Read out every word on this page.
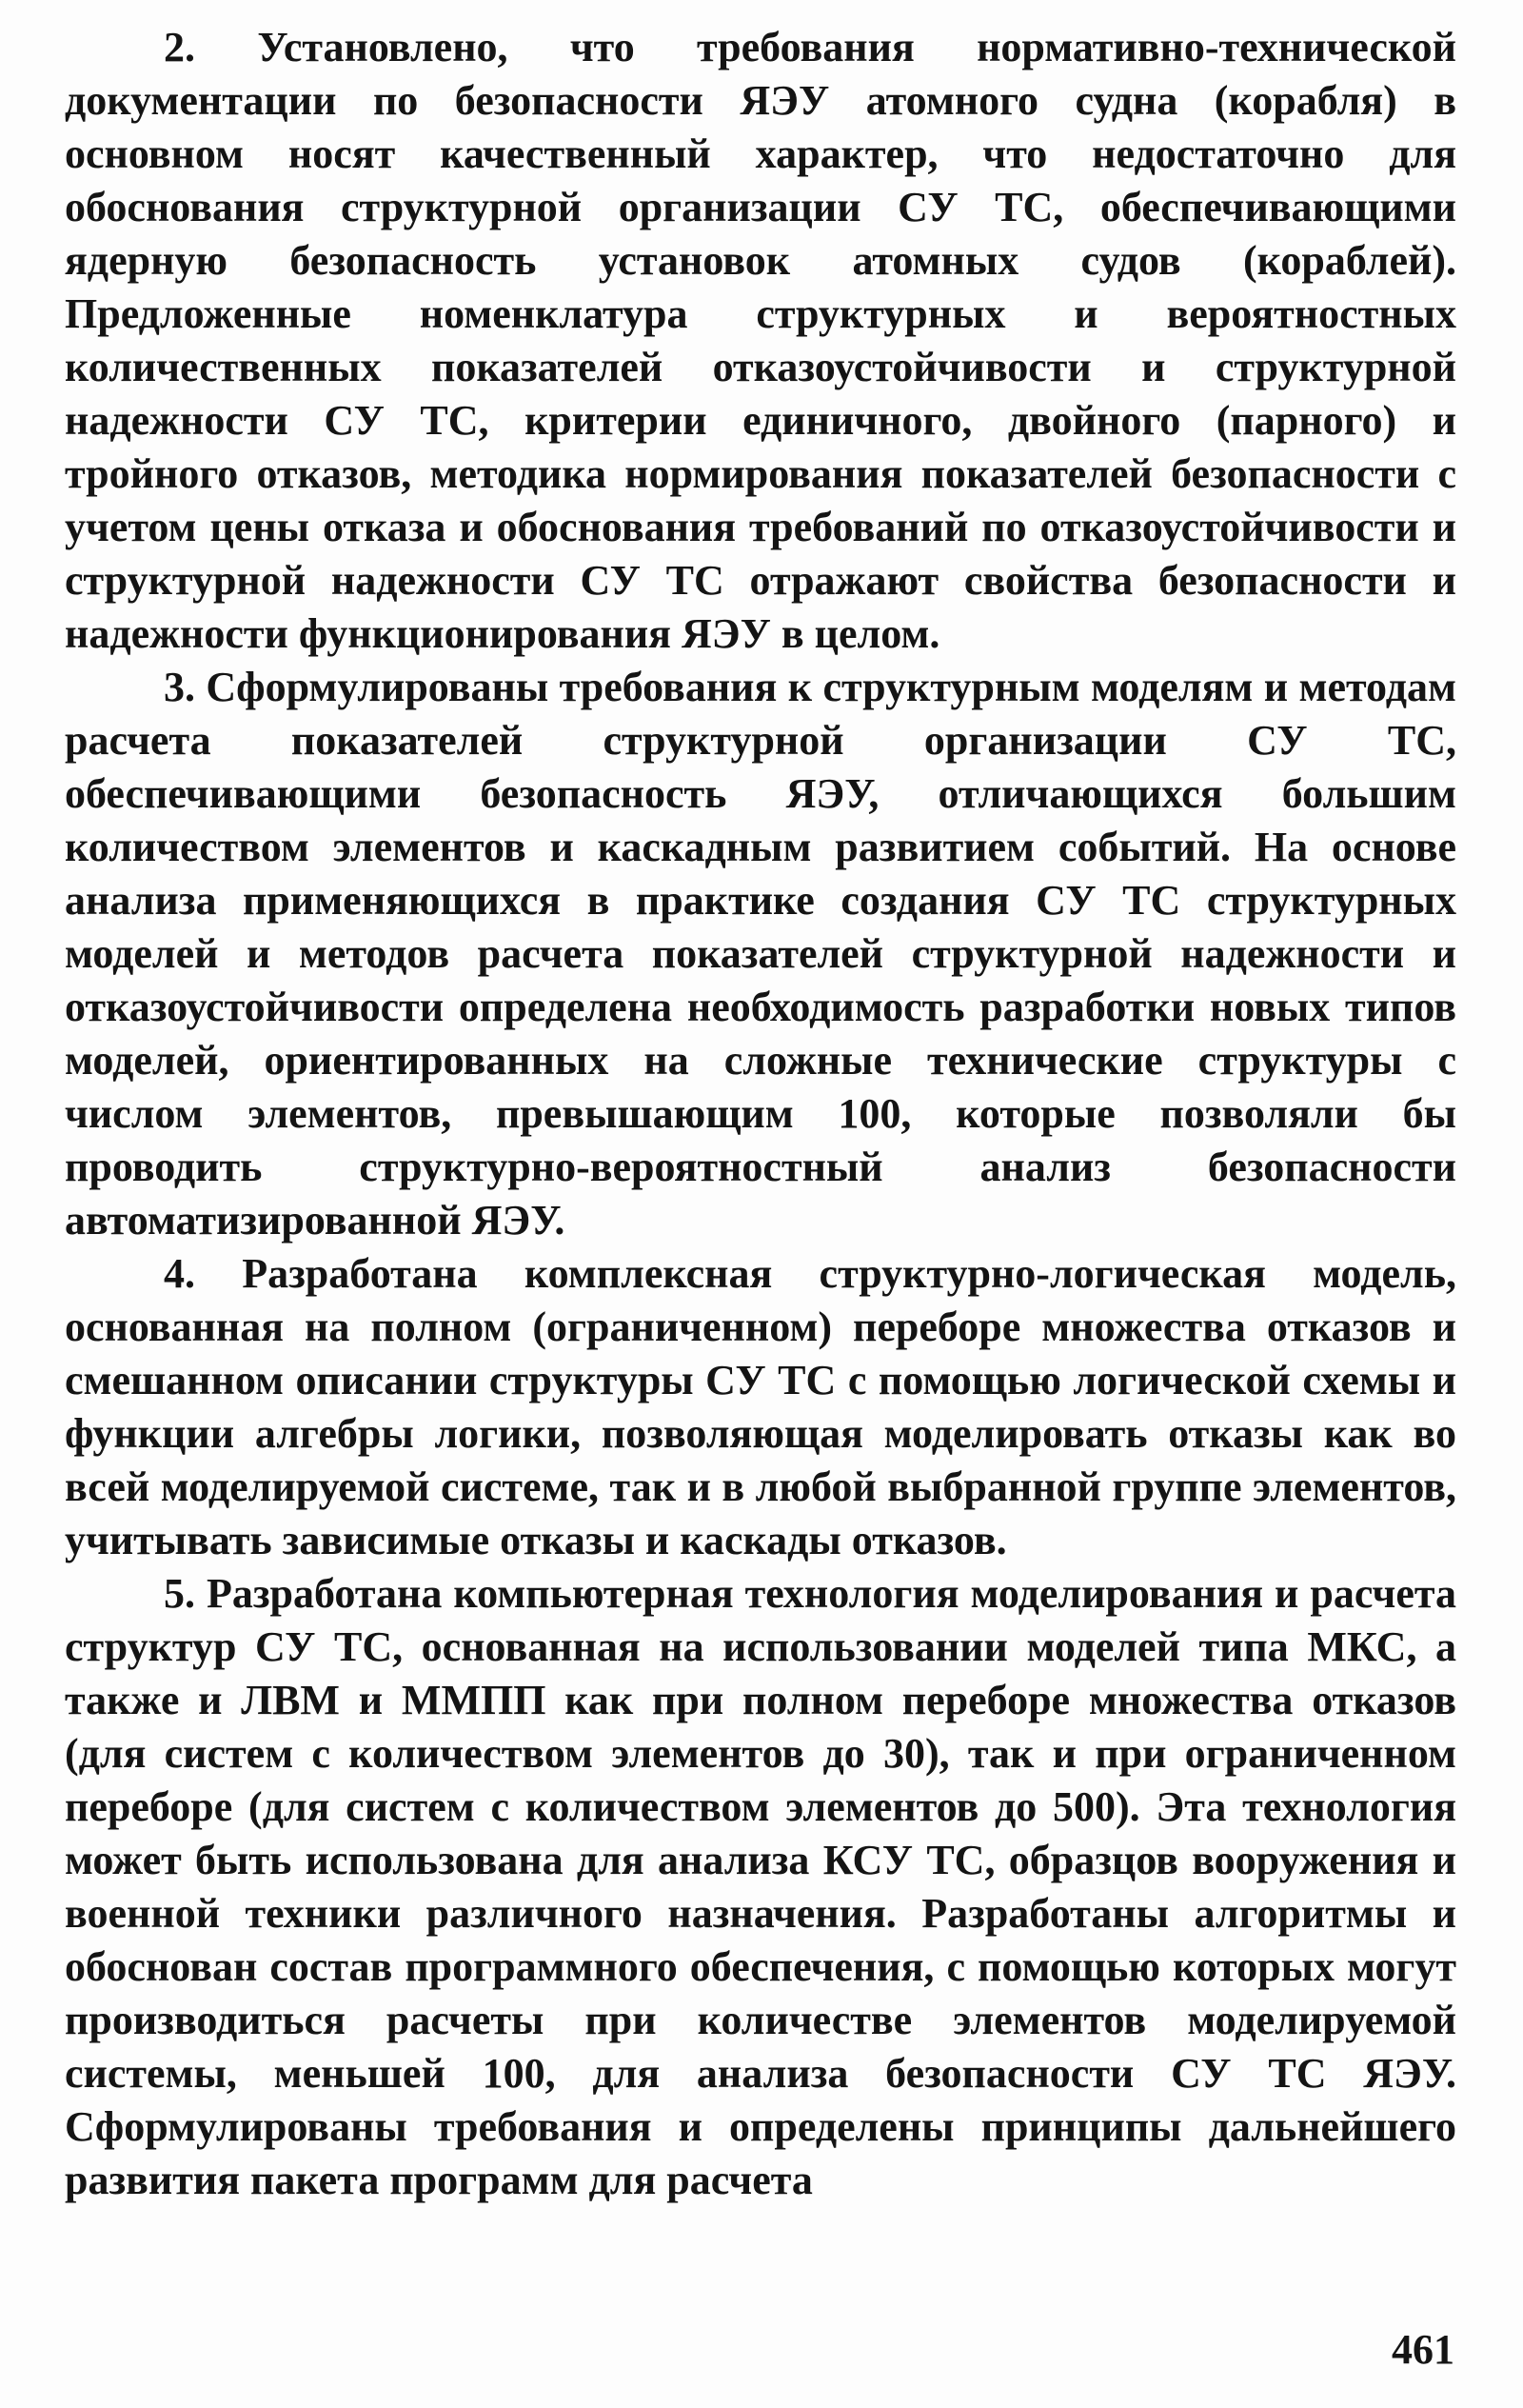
2. Установлено, что требования нормативно-технической документации по безопасности ЯЭУ атомного судна (корабля) в основном носят качественный характер, что недостаточно для обоснования структурной организации СУ ТС, обеспечивающими ядерную безопасность установок атомных судов (кораблей). Предложенные номенклатура структурных и вероятностных количественных показателей отказоустойчивости и структурной надежности СУ ТС, критерии единичного, двойного (парного) и тройного отказов, методика нормирования показателей безопасности с учетом цены отказа и обоснования требований по отказоустойчивости и структурной надежности СУ ТС отражают свойства безопасности и надежности функционирования ЯЭУ в целом.

3. Сформулированы требования к структурным моделям и методам расчета показателей структурной организации СУ ТС, обеспечивающими безопасность ЯЭУ, отличающихся большим количеством элементов и каскадным развитием событий. На основе анализа применяющихся в практике создания СУ ТС структурных моделей и методов расчета показателей структурной надежности и отказоустойчивости определена необходимость разработки новых типов моделей, ориентированных на сложные технические структуры с числом элементов, превышающим 100, которые позволяли бы проводить структурно-вероятностный анализ безопасности автоматизированной ЯЭУ.

4. Разработана комплексная структурно-логическая модель, основанная на полном (ограниченном) переборе множества отказов и смешанном описании структуры СУ ТС с помощью логической схемы и функции алгебры логики, позволяющая моделировать отказы как во всей моделируемой системе, так и в любой выбранной группе элементов, учитывать зависимые отказы и каскады отказов.

5. Разработана компьютерная технология моделирования и расчета структур СУ ТС, основанная на использовании моделей типа МКС, а также и ЛВМ и ММПП как при полном переборе множества отказов (для систем с количеством элементов до 30), так и при ограниченном переборе (для систем с количеством элементов до 500). Эта технология может быть использована для анализа КСУ ТС, образцов вооружения и военной техники различного назначения. Разработаны алгоритмы и обоснован состав программного обеспечения, с помощью которых могут производиться расчеты при количестве элементов моделируемой системы, меньшей 100, для анализа безопасности СУ ТС ЯЭУ. Сформулированы требования и определены принципы дальнейшего развития пакета программ для расчета

461
